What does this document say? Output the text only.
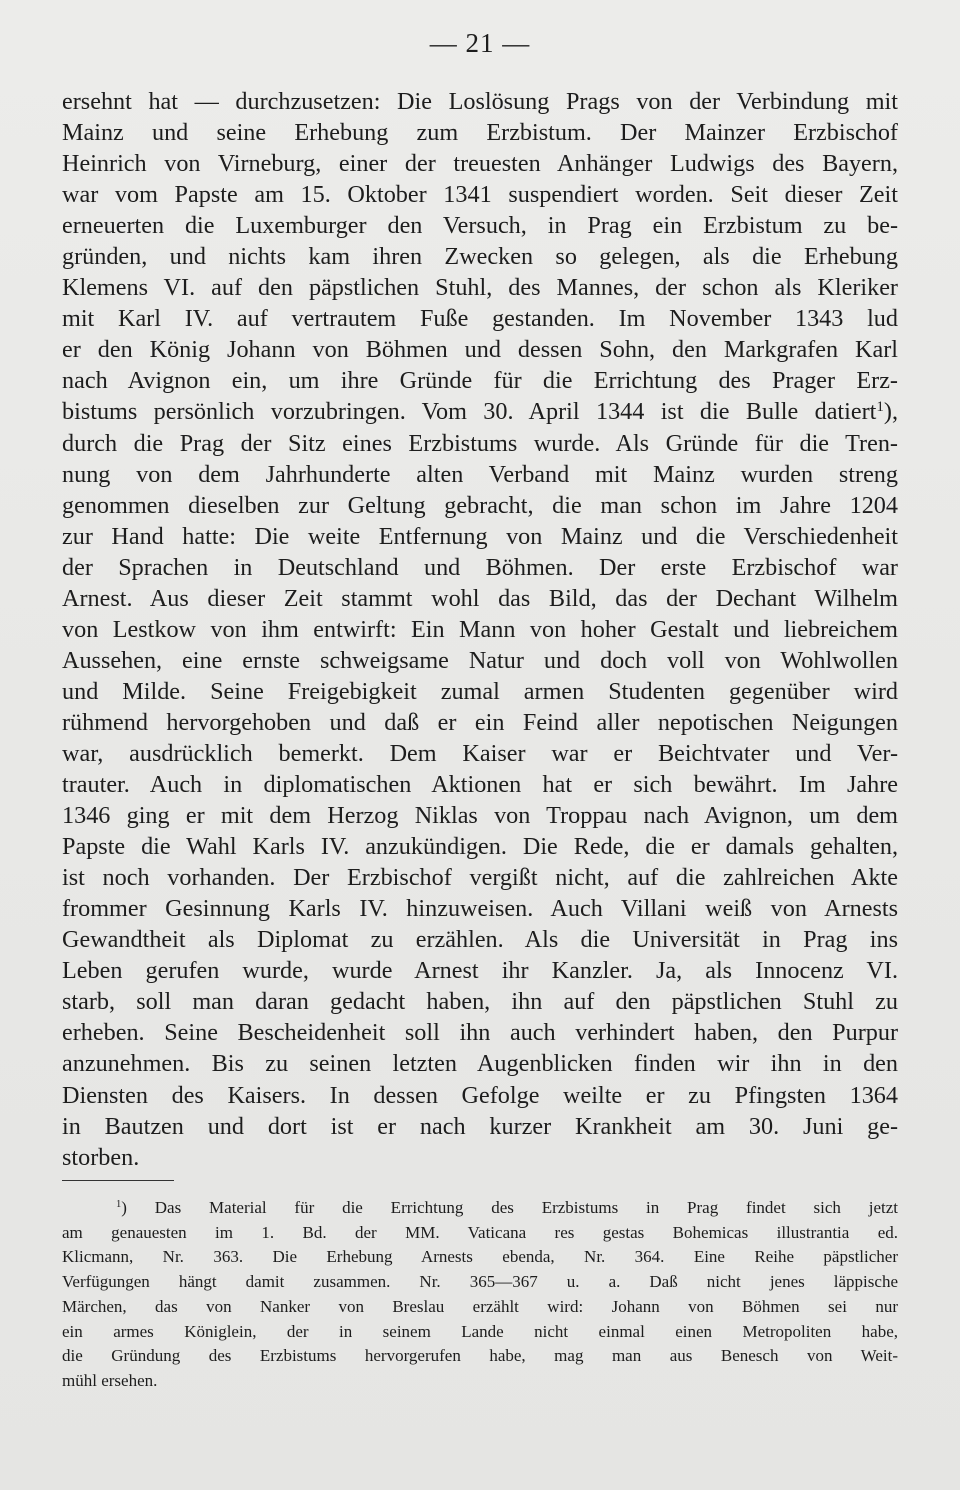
— 21 —
ersehnt hat — durchzusetzen: Die Loslösung Prags von der Verbindung mit
Mainz und seine Erhebung zum Erzbistum. Der Mainzer Erzbischof
Heinrich von Virneburg, einer der treuesten Anhänger Ludwigs des Bayern,
war vom Papste am 15. Oktober 1341 suspendiert worden. Seit dieser Zeit
erneuerten die Luxemburger den Versuch, in Prag ein Erzbistum zu be-
gründen, und nichts kam ihren Zwecken so gelegen, als die Erhebung
Klemens VI. auf den päpstlichen Stuhl, des Mannes, der schon als Kleriker
mit Karl IV. auf vertrautem Fuße gestanden. Im November 1343 lud
er den König Johann von Böhmen und dessen Sohn, den Markgrafen Karl
nach Avignon ein, um ihre Gründe für die Errichtung des Prager Erz-
bistums persönlich vorzubringen. Vom 30. April 1344 ist die Bulle datiert$^1$),
durch die Prag der Sitz eines Erzbistums wurde. Als Gründe für die Tren-
nung von dem Jahrhunderte alten Verband mit Mainz wurden streng
genommen dieselben zur Geltung gebracht, die man schon im Jahre 1204
zur Hand hatte: Die weite Entfernung von Mainz und die Verschiedenheit
der Sprachen in Deutschland und Böhmen. Der erste Erzbischof war
Arnest. Aus dieser Zeit stammt wohl das Bild, das der Dechant Wilhelm
von Lestkow von ihm entwirft: Ein Mann von hoher Gestalt und liebreichem
Aussehen, eine ernste schweigsame Natur und doch voll von Wohlwollen
und Milde. Seine Freigebigkeit zumal armen Studenten gegenüber wird
rühmend hervorgehoben und daß er ein Feind aller nepotischen Neigungen
war, ausdrücklich bemerkt. Dem Kaiser war er Beichtvater und Ver-
trauter. Auch in diplomatischen Aktionen hat er sich bewährt. Im Jahre
1346 ging er mit dem Herzog Niklas von Troppau nach Avignon, um dem
Papste die Wahl Karls IV. anzukündigen. Die Rede, die er damals gehalten,
ist noch vorhanden. Der Erzbischof vergißt nicht, auf die zahlreichen Akte
frommer Gesinnung Karls IV. hinzuweisen. Auch Villani weiß von Arnests
Gewandtheit als Diplomat zu erzählen. Als die Universität in Prag ins
Leben gerufen wurde, wurde Arnest ihr Kanzler. Ja, als Innocenz VI.
starb, soll man daran gedacht haben, ihn auf den päpstlichen Stuhl zu
erheben. Seine Bescheidenheit soll ihn auch verhindert haben, den Purpur
anzunehmen. Bis zu seinen letzten Augenblicken finden wir ihn in den
Diensten des Kaisers. In dessen Gefolge weilte er zu Pfingsten 1364
in Bautzen und dort ist er nach kurzer Krankheit am 30. Juni ge-
storben.
$^1$) Das Material für die Errichtung des Erzbistums in Prag findet sich jetzt
am genauesten im 1. Bd. der MM. Vaticana res gestas Bohemicas illustrantia ed.
Klicmann, Nr. 363. Die Erhebung Arnests ebenda, Nr. 364. Eine Reihe päpstlicher
Verfügungen hängt damit zusammen. Nr. 365—367 u. a. Daß nicht jenes läppische
Märchen, das von Nanker von Breslau erzählt wird: Johann von Böhmen sei nur
ein armes Königlein, der in seinem Lande nicht einmal einen Metropoliten habe,
die Gründung des Erzbistums hervorgerufen habe, mag man aus Benesch von Weit-
mühl ersehen.
